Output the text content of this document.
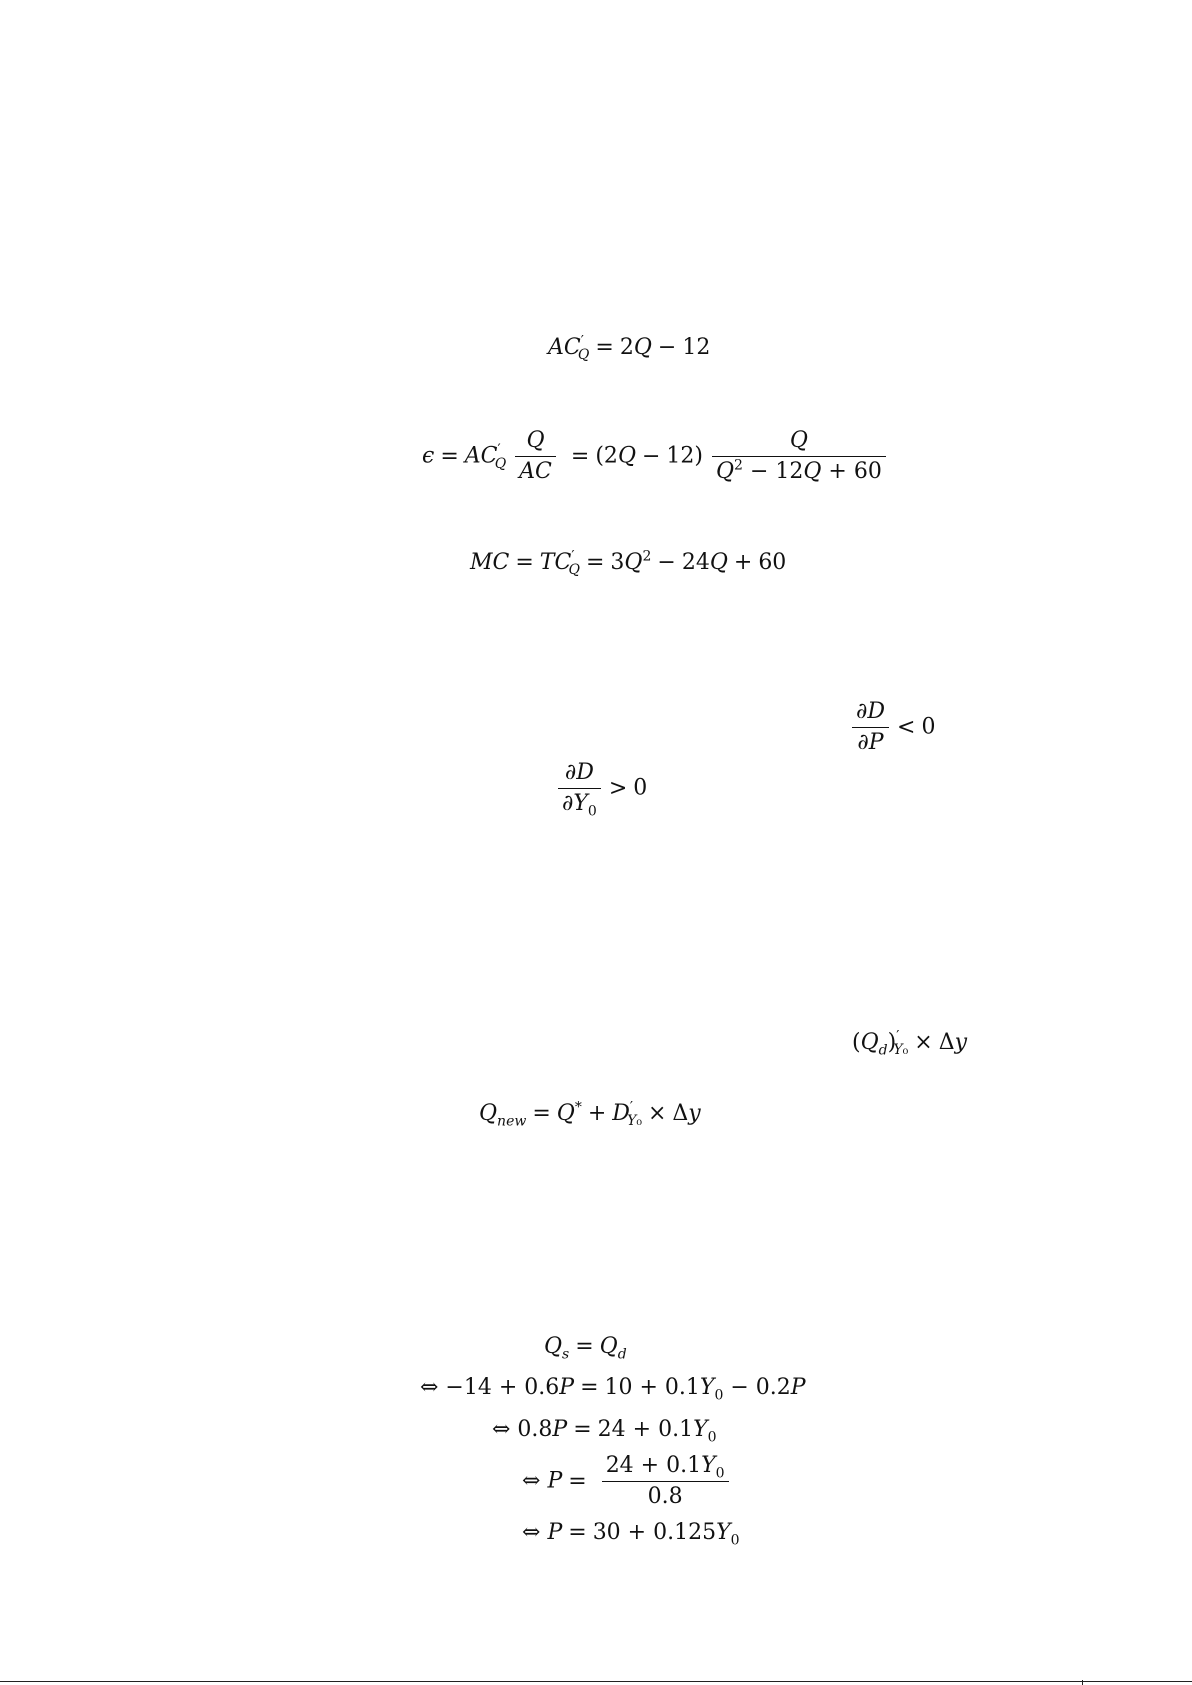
$AC'_Q = 2Q - 12$
$\epsilon = AC'_Q \frac{Q}{AC} = (2Q - 12) \frac{Q}{Q^2 - 12Q + 60}$
MC = $TC'_Q = 3Q^2 - 24Q + 60$
$\frac{\partial D}{\partial P} < 0$
$\frac{\partial D}{\partial Y_0} > 0$
$(Q_d)'_{Y_0} \times \Delta y$
$Q_{new} = Q^* + D'_{Y_0} \times \Delta y$
$Q_s = Q_d$
⇔ $-14 + 0.6P = 10 + 0.1Y_0 - 0.2P$
⇔ $0.8P = 24 + 0.1Y_0$
⇔ $P = \frac{24 + 0.1Y_0}{0.8}$
⇔ $P = 30 + 0.125Y_0$
